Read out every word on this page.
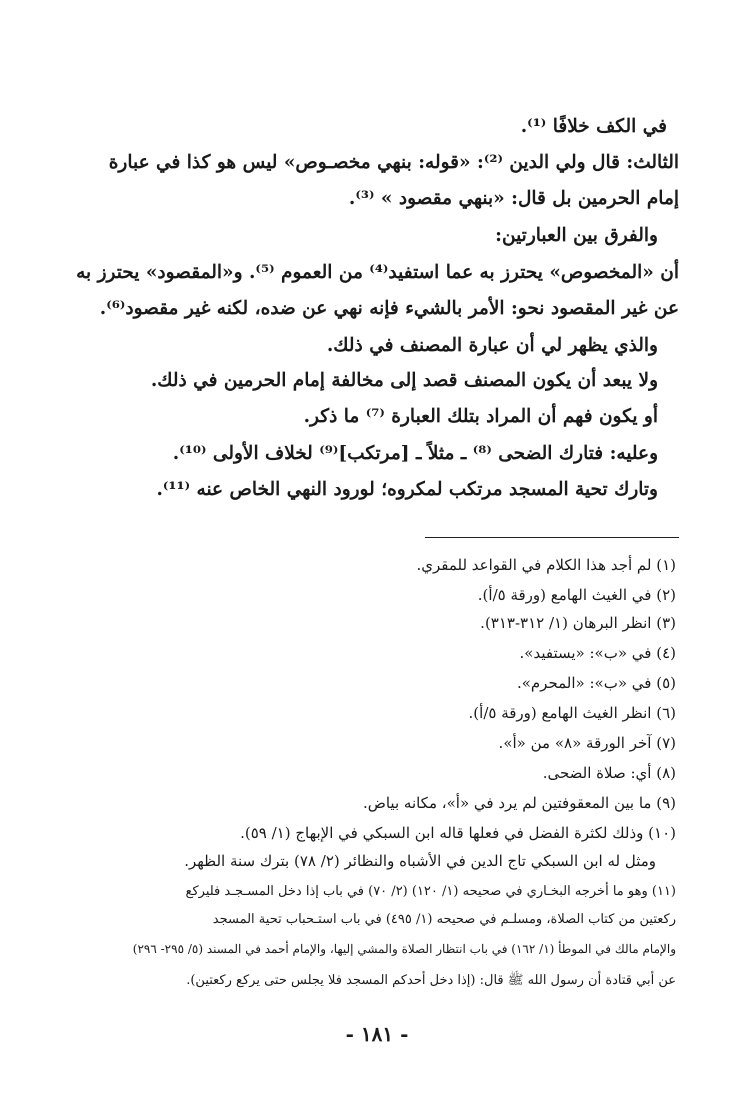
في الكف خلافًا ⁽¹⁾.
الثالث: قال ولي الدين ⁽²⁾: «قوله: بنهي مخصـوص» ليس هو كذا في عبارة
إمام الحرمين بل قال: «بنهي مقصود » ⁽³⁾.
والفرق بين العبارتين:
أن «المخصوص» يحترز به عما استفيد⁽⁴⁾ من العموم ⁽⁵⁾. و«المقصود» يحترز به
عن غير المقصود نحو: الأمر بالشيء فإنه نهي عن ضده، لكنه غير مقصود⁽⁶⁾.
والذي يظهر لي أن عبارة المصنف في ذلك.
ولا يبعد أن يكون المصنف قصد إلى مخالفة إمام الحرمين في ذلك.
أو يكون فهم أن المراد بتلك العبارة ⁽⁷⁾ ما ذكر.
وعليه: فتارك الضحى ⁽⁸⁾ ـ مثلاً ـ [مرتكب]⁽⁹⁾ لخلاف الأولى ⁽¹⁰⁾.
وتارك تحية المسجد مرتكب لمكروه؛ لورود النهي الخاص عنه ⁽¹¹⁾.
(١) لم أجد هذا الكلام في القواعد للمقري.
(٢) في الغيث الهامع (ورقة ٥/أ).
(٣) انظر البرهان (١/ ٣١٢-٣١٣).
(٤) في «ب»: «يستفيد».
(٥) في «ب»: «المحرم».
(٦) انظر الغيث الهامع (ورقة ٥/أ).
(٧) آخر الورقة «٨» من «أ».
(٨) أي: صلاة الضحى.
(٩) ما بين المعقوفتين لم يرد في «أ»، مكانه بياض.
(١٠) وذلك لكثرة الفضل في فعلها قاله ابن السبكي في الإبهاج (١/ ٥٩).
ومثل له ابن السبكي تاج الدين في الأشباه والنظائر (٢/ ٧٨) بترك سنة الظهر.
(١١) وهو ما أخرجه البخـاري في صحيحه (١/ ١٢٠) (٢/ ٧٠) في باب إذا دخل المسـجـد فليركع
ركعتين من كتاب الصلاة، ومسلـم في صحيحه (١/ ٤٩٥) في باب استـحباب تحية المسجد
والإمام مالك في الموطأ (١/ ١٦٢) في باب انتظار الصلاة والمشي إليها، والإمام أحمد في المسند (٥/ ٢٩٥- ٢٩٦)
عن أبي قتادة أن رسول الله ﷺ قال: (إذا دخل أحدكم المسجد فلا يجلس حتى يركع ركعتين).
- ١٨١ -
